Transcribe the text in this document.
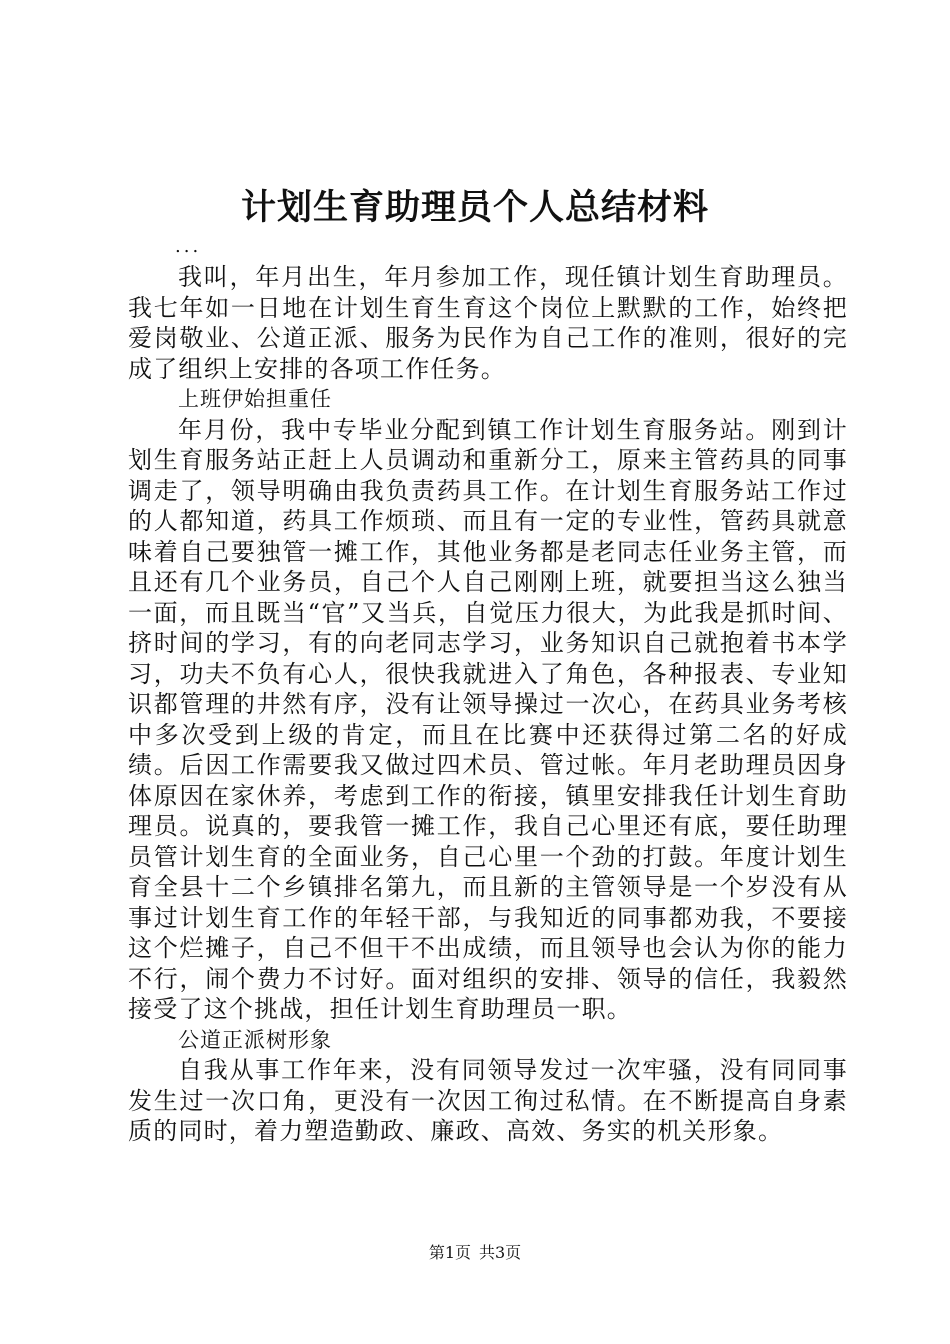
计划生育助理员个人总结材料
...

我叫，年月出生，年月参加工作，现任镇计划生育助理员。我七年如一日地在计划生育生育这个岗位上默默的工作，始终把爱岗敬业、公道正派、服务为民作为自己工作的准则，很好的完成了组织上安排的各项工作任务。

上班伊始担重任

年月份，我中专毕业分配到镇工作计划生育服务站。刚到计划生育服务站正赶上人员调动和重新分工，原来主管药具的同事调走了，领导明确由我负责药具工作。在计划生育服务站工作过的人都知道，药具工作烦琐、而且有一定的专业性，管药具就意味着自己要独管一摊工作，其他业务都是老同志任业务主管，而且还有几个业务员，自己个人自己刚刚上班，就要担当这么独当一面，而且既当“官”又当兵，自觉压力很大，为此我是抓时间、挤时间的学习，有的向老同志学习，业务知识自己就抱着书本学习，功夫不负有心人，很快我就进入了角色，各种报表、专业知识都管理的井然有序，没有让领导操过一次心，在药具业务考核中多次受到上级的肯定，而且在比赛中还获得过第二名的好成绩。后因工作需要我又做过四术员、管过帐。年月老助理员因身体原因在家休养，考虑到工作的衔接，镇里安排我任计划生育助理员。说真的，要我管一摊工作，我自己心里还有底，要任助理员管计划生育的全面业务，自己心里一个劲的打鼓。年度计划生育全县十二个乡镇排名第九，而且新的主管领导是一个岁没有从事过计划生育工作的年轻干部，与我知近的同事都劝我，不要接这个烂摊子，自己不但干不出成绩，而且领导也会认为你的能力不行，闹个费力不讨好。面对组织的安排、领导的信任，我毅然接受了这个挑战，担任计划生育助理员一职。

公道正派树形象

自我从事工作年来，没有同领导发过一次牢骚，没有同同事发生过一次口角，更没有一次因工徇过私情。在不断提高自身素质的同时，着力塑造勤政、廉政、高效、务实的机关形象。

第1页 共3页
